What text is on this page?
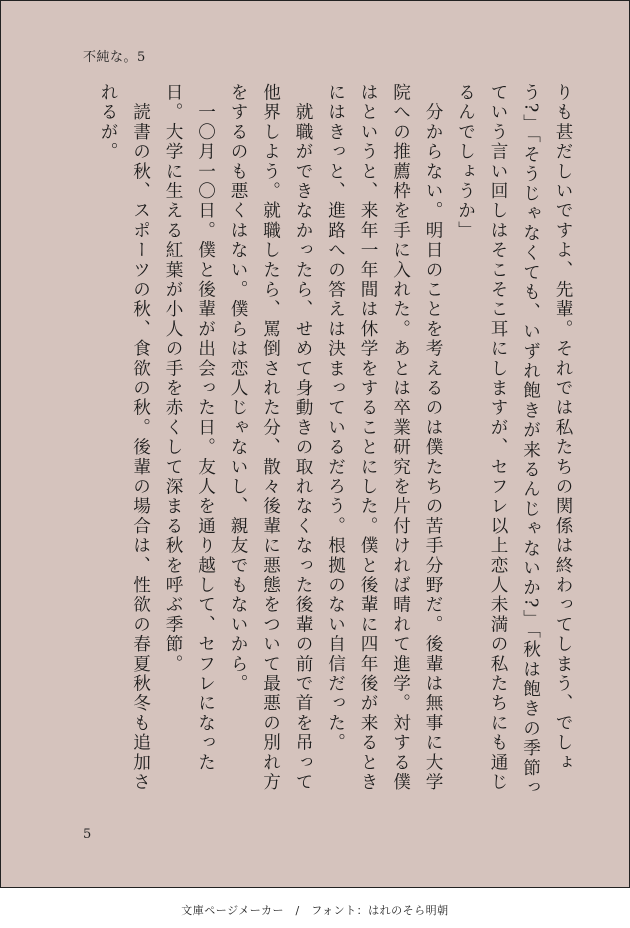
不純な。5

りも甚だしいですよ、先輩。それでは私たちの関係は終わってしまう、でしょう?」「そうじゃなくても、いずれ飽きが来るんじゃないか?」「秋は飽きの季節っていう言い回しはそこそこ耳にしますが、セフレ以上恋人未満の私たちにも通じるんでしょうか」

　分からない。明日のことを考えるのは僕たちの苦手分野だ。後輩は無事に大学院への推薦枠を手に入れた。あとは卒業研究を片付ければ晴れて進学。対する僕はというと、来年一年間は休学をすることにした。僕と後輩に四年後が来るときにはきっと、進路への答えは決まっているだろう。根拠のない自信だった。

　就職ができなかったら、せめて身動きの取れなくなった後輩の前で首を吊って他界しよう。就職したら、罵倒された分、散々後輩に悪態をついて最悪の別れ方をするのも悪くはない。僕らは恋人じゃないし、親友でもないから。

　一〇月一〇日。僕と後輩が出会った日。友人を通り越して、セフレになった日。大学に生える紅葉が小人の手を赤くして深まる秋を呼ぶ季節。

　読書の秋、スポーツの秋、食欲の秋。後輩の場合は、性欲の春夏秋冬も追加されるが。

5
文庫ページメーカー　/　フォント：はれのそら明朝
